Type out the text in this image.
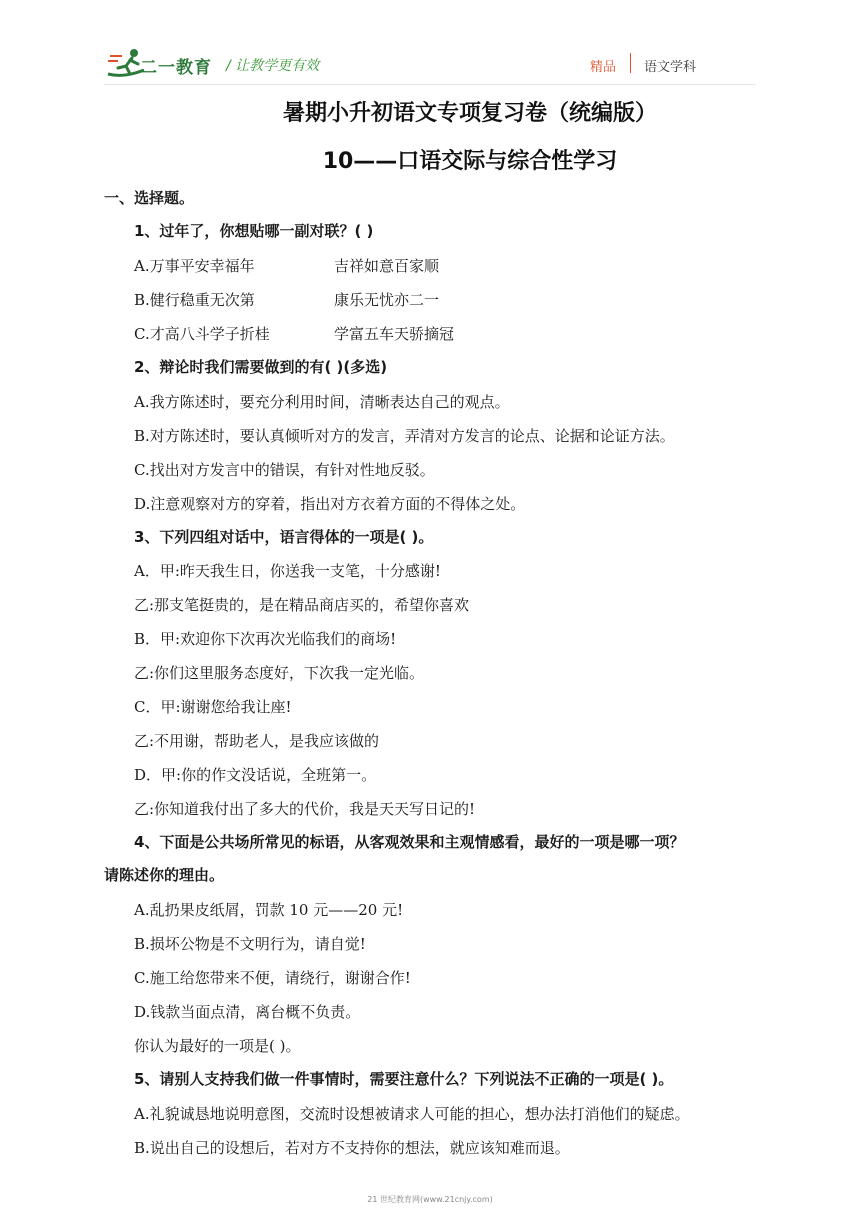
二一教育 / 让教学更有效	精品 语文学科
暑期小升初语文专项复习卷（统编版）
10——口语交际与综合性学习
一、选择题。
1、过年了，你想贴哪一副对联？( )
A.万事平安幸福年	吉祥如意百家顺
B.健行稳重无次第	康乐无忧亦二一
C.才高八斗学子折桂	学富五车天骄摘冠
2、辩论时我们需要做到的有( )(多选)
A.我方陈述时，要充分利用时间，清晰表达自己的观点。
B.对方陈述时，要认真倾听对方的发言，弄清对方发言的论点、论据和论证方法。
C.找出对方发言中的错误，有针对性地反驳。
D.注意观察对方的穿着，指出对方衣着方面的不得体之处。
3、下列四组对话中，语言得体的一项是( )。
A．甲:昨天我生日，你送我一支笔，十分感谢!
乙:那支笔挺贵的，是在精品商店买的，希望你喜欢
B．甲:欢迎你下次再次光临我们的商场!
乙:你们这里服务态度好，下次我一定光临。
C．甲:谢谢您给我让座!
乙:不用谢，帮助老人，是我应该做的
D．甲:你的作文没话说，全班第一。
乙:你知道我付出了多大的代价，我是天天写日记的!
4、下面是公共场所常见的标语，从客观效果和主观情感看，最好的一项是哪一项？
请陈述你的理由。
A.乱扔果皮纸屑，罚款 10 元——20 元!
B.损坏公物是不文明行为，请自觉!
C.施工给您带来不便，请绕行，谢谢合作!
D.钱款当面点清，离台概不负责。
你认为最好的一项是( )。
5、请别人支持我们做一件事情时，需要注意什么？下列说法不正确的一项是( )。
A.礼貌诚恳地说明意图，交流时设想被请求人可能的担心，想办法打消他们的疑虑。
B.说出自己的设想后，若对方不支持你的想法，就应该知难而退。
21 世纪教育网(www.21cnjy.com)
